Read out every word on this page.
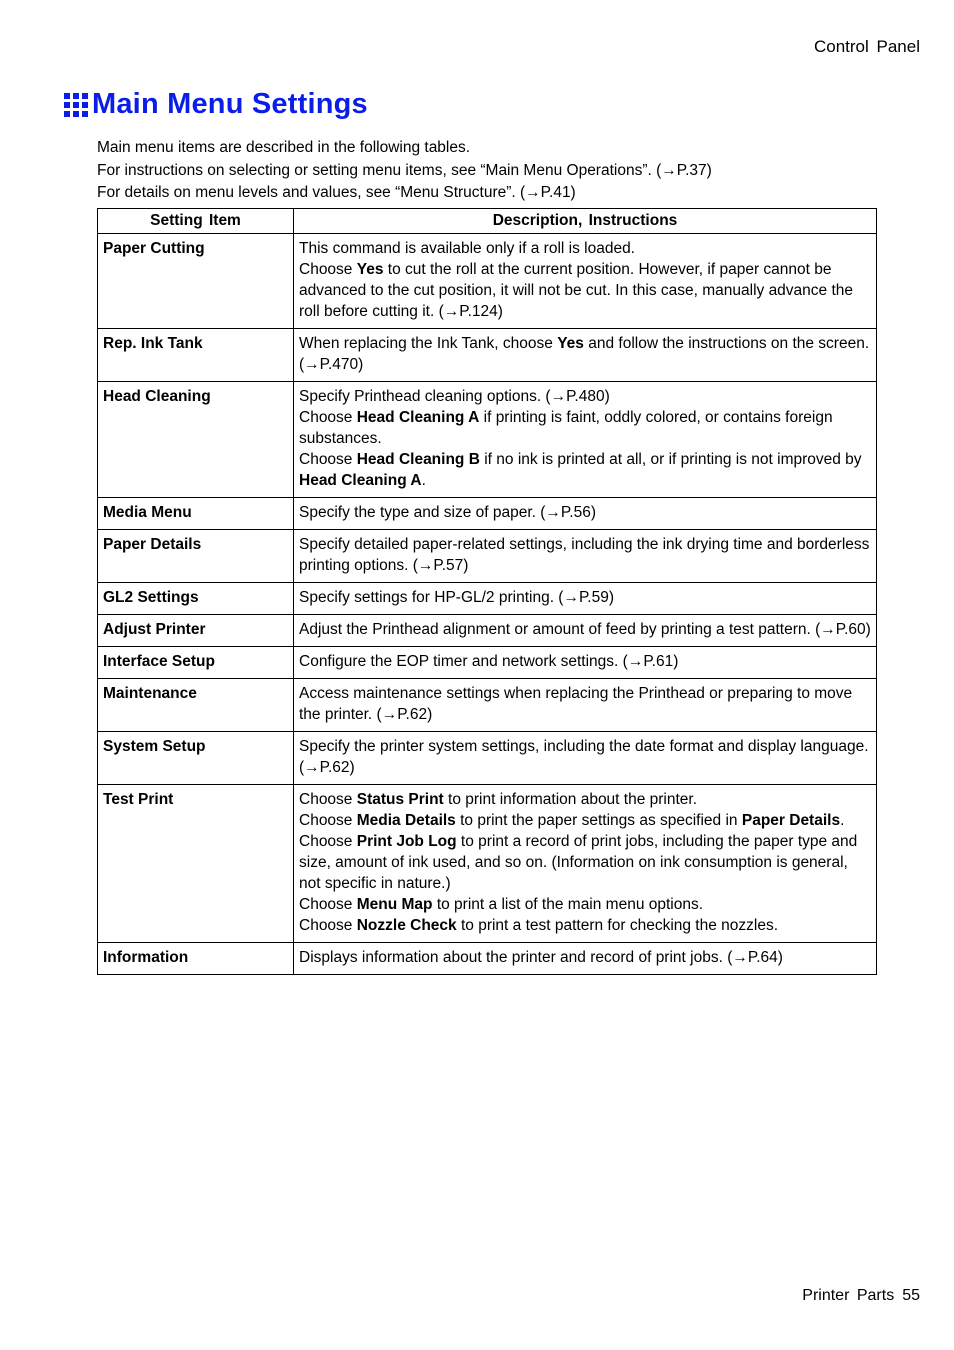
Control Panel
Main Menu Settings

Main menu items are described in the following tables.

For instructions on selecting or setting menu items, see “Main Menu Operations”. (→P.37)

For details on menu levels and values, see “Menu Structure”. (→P.41)

Setting Item	Description, Instructions

Paper Cutting	This command is available only if a roll is loaded.
Choose Yes to cut the roll at the current position. However, if paper cannot be advanced to the cut position, it will not be cut. In this case, manually advance the roll before cutting it. (→P.124)

Rep. Ink Tank	When replacing the Ink Tank, choose Yes and follow the instructions on the screen. (→P.470)

Head Cleaning	Specify Printhead cleaning options. (→P.480)
Choose Head Cleaning A if printing is faint, oddly colored, or contains foreign substances.
Choose Head Cleaning B if no ink is printed at all, or if printing is not improved by Head Cleaning A.

Media Menu	Specify the type and size of paper. (→P.56)

Paper Details	Specify detailed paper-related settings, including the ink drying time and borderless printing options. (→P.57)

GL2 Settings	Specify settings for HP-GL/2 printing. (→P.59)

Adjust Printer	Adjust the Printhead alignment or amount of feed by printing a test pattern. (→P.60)

Interface Setup	Configure the EOP timer and network settings. (→P.61)

Maintenance	Access maintenance settings when replacing the Printhead or preparing to move the printer. (→P.62)

System Setup	Specify the printer system settings, including the date format and display language. (→P.62)

Test Print	Choose Status Print to print information about the printer.
Choose Media Details to print the paper settings as specified in Paper Details.
Choose Print Job Log to print a record of print jobs, including the paper type and size, amount of ink used, and so on. (Information on ink consumption is general, not specific in nature.)
Choose Menu Map to print a list of the main menu options.
Choose Nozzle Check to print a test pattern for checking the nozzles.

Information	Displays information about the printer and record of print jobs. (→P.64)
Printer Parts 55
